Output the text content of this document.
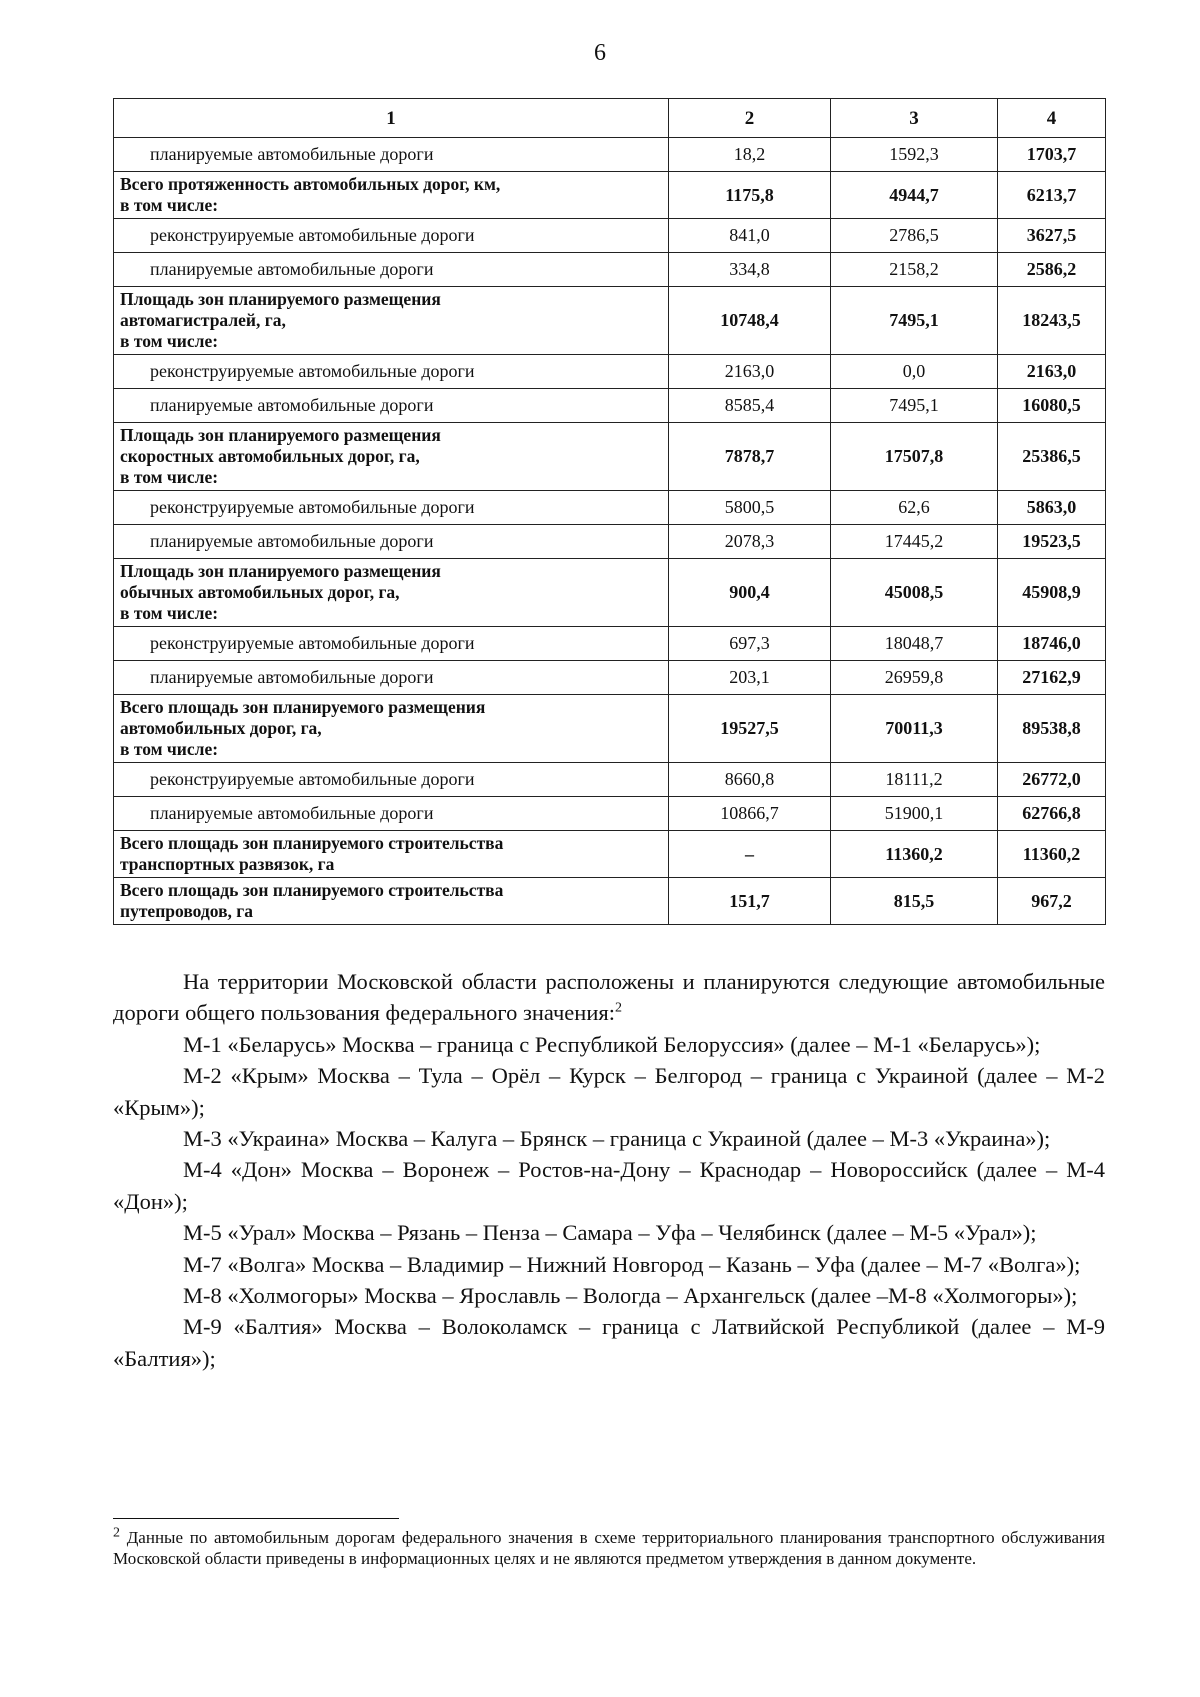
6
1	2	3	4
планируемые автомобильные дороги	18,2	1592,3	1703,7
Всего протяженность автомобильных дорог, км,
в том числе:	1175,8	4944,7	6213,7
реконструируемые автомобильные дороги	841,0	2786,5	3627,5
планируемые автомобильные дороги	334,8	2158,2	2586,2
Площадь зон планируемого размещения
автомагистралей, га,
в том числе:	10748,4	7495,1	18243,5
реконструируемые автомобильные дороги	2163,0	0,0	2163,0
планируемые автомобильные дороги	8585,4	7495,1	16080,5
Площадь зон планируемого размещения
скоростных автомобильных дорог, га,
в том числе:	7878,7	17507,8	25386,5
реконструируемые автомобильные дороги	5800,5	62,6	5863,0
планируемые автомобильные дороги	2078,3	17445,2	19523,5
Площадь зон планируемого размещения
обычных автомобильных дорог, га,
в том числе:	900,4	45008,5	45908,9
реконструируемые автомобильные дороги	697,3	18048,7	18746,0
планируемые автомобильные дороги	203,1	26959,8	27162,9
Всего площадь зон планируемого размещения
автомобильных дорог, га,
в том числе:	19527,5	70011,3	89538,8
реконструируемые автомобильные дороги	8660,8	18111,2	26772,0
планируемые автомобильные дороги	10866,7	51900,1	62766,8
Всего площадь зон планируемого строительства
транспортных развязок, га	–	11360,2	11360,2
Всего площадь зон планируемого строительства
путепроводов, га	151,7	815,5	967,2

На территории Московской области расположены и планируются следующие автомобильные дороги общего пользования федерального значения:$^2$

М-1 «Беларусь» Москва – граница с Республикой Белоруссия» (далее – М-1 «Беларусь»);

М-2 «Крым» Москва – Тула – Орёл – Курск – Белгород – граница с Украиной (далее – М-2 «Крым»);

М-3 «Украина» Москва – Калуга – Брянск – граница с Украиной (далее – М-3 «Украина»);

М-4 «Дон» Москва – Воронеж – Ростов-на-Дону – Краснодар – Новороссийск (далее – М-4 «Дон»);

М-5 «Урал» Москва – Рязань – Пенза – Самара – Уфа – Челябинск (далее – М-5 «Урал»);

М-7 «Волга» Москва – Владимир – Нижний Новгород – Казань – Уфа (далее – М-7 «Волга»);

М-8 «Холмогоры» Москва – Ярославль – Вологда – Архангельск (далее –М-8 «Холмогоры»);

М-9 «Балтия» Москва – Волоколамск – граница с Латвийской Республикой (далее – М-9 «Балтия»);

$^2$ Данные по автомобильным дорогам федерального значения в схеме территориального планирования транспортного обслуживания Московской области приведены в информационных целях и не являются предметом утверждения в данном документе.
